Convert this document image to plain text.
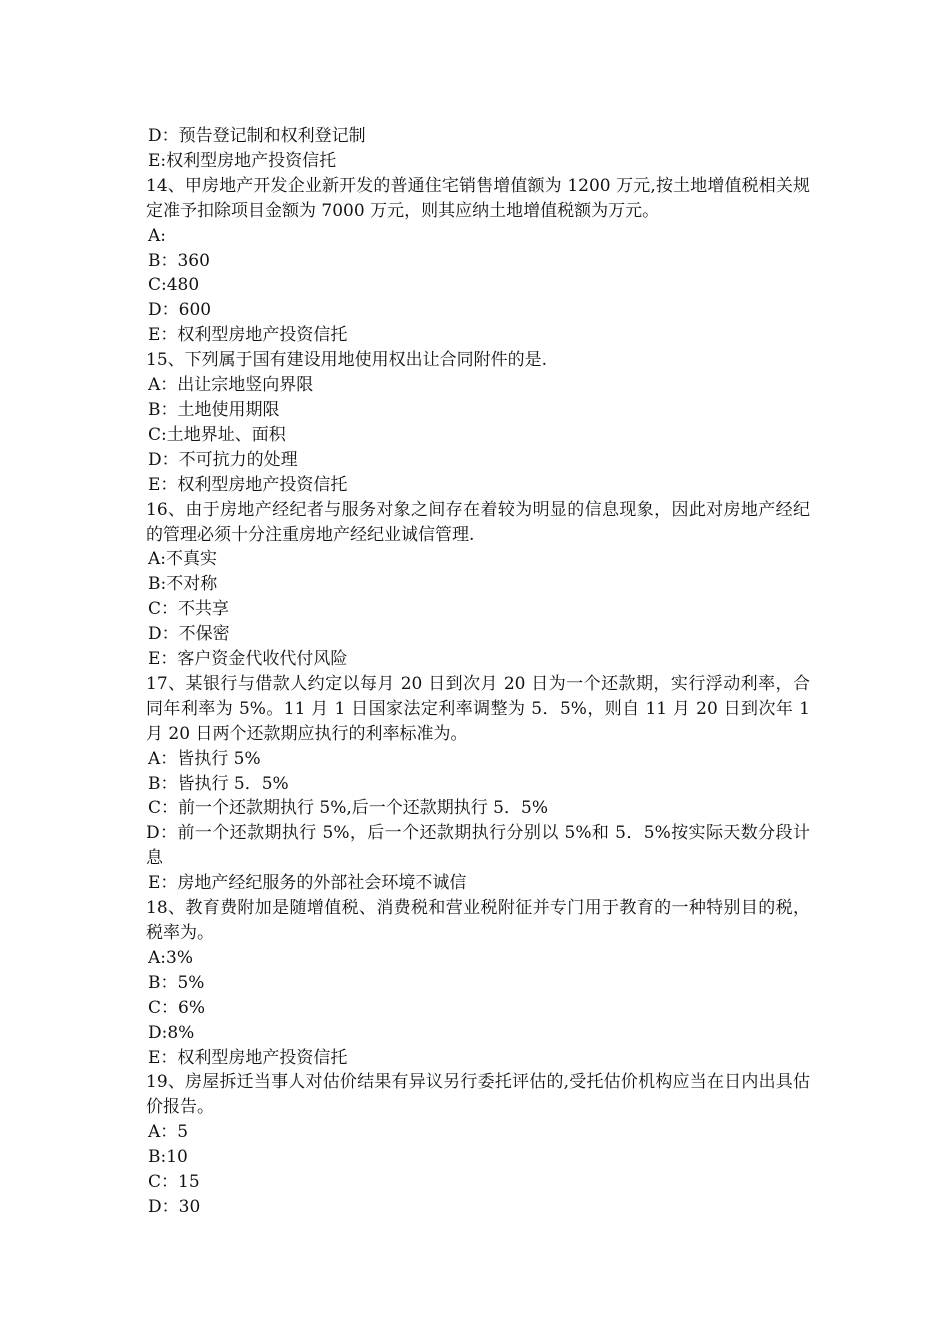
D：预告登记制和权利登记制
E:权利型房地产投资信托
14、甲房地产开发企业新开发的普通住宅销售增值额为 1200 万元,按土地增值税相关规定准予扣除项目金额为 7000 万元，则其应纳土地增值税额为万元。
A:
B：360
C:480
D：600
E：权利型房地产投资信托
15、下列属于国有建设用地使用权出让合同附件的是.
A：出让宗地竖向界限
B：土地使用期限
C:土地界址、面积
D：不可抗力的处理
E：权利型房地产投资信托
16、由于房地产经纪者与服务对象之间存在着较为明显的信息现象，因此对房地产经纪的管理必须十分注重房地产经纪业诚信管理.
A:不真实
B:不对称
C：不共享
D：不保密
E：客户资金代收代付风险
17、某银行与借款人约定以每月 20 日到次月 20 日为一个还款期，实行浮动利率，合同年利率为 5%。11 月 1 日国家法定利率调整为 5．5%，则自 11 月 20 日到次年 1 月 20 日两个还款期应执行的利率标准为。
A：皆执行 5%
B：皆执行 5．5%
C：前一个还款期执行 5%,后一个还款期执行 5．5%
D：前一个还款期执行 5%，后一个还款期执行分别以 5%和 5．5%按实际天数分段计息
E：房地产经纪服务的外部社会环境不诚信
18、教育费附加是随增值税、消费税和营业税附征并专门用于教育的一种特别目的税，税率为。
A:3%
B：5%
C：6%
D:8%
E：权利型房地产投资信托
19、房屋拆迁当事人对估价结果有异议另行委托评估的,受托估价机构应当在日内出具估价报告。
A：5
B:10
C：15
D：30
